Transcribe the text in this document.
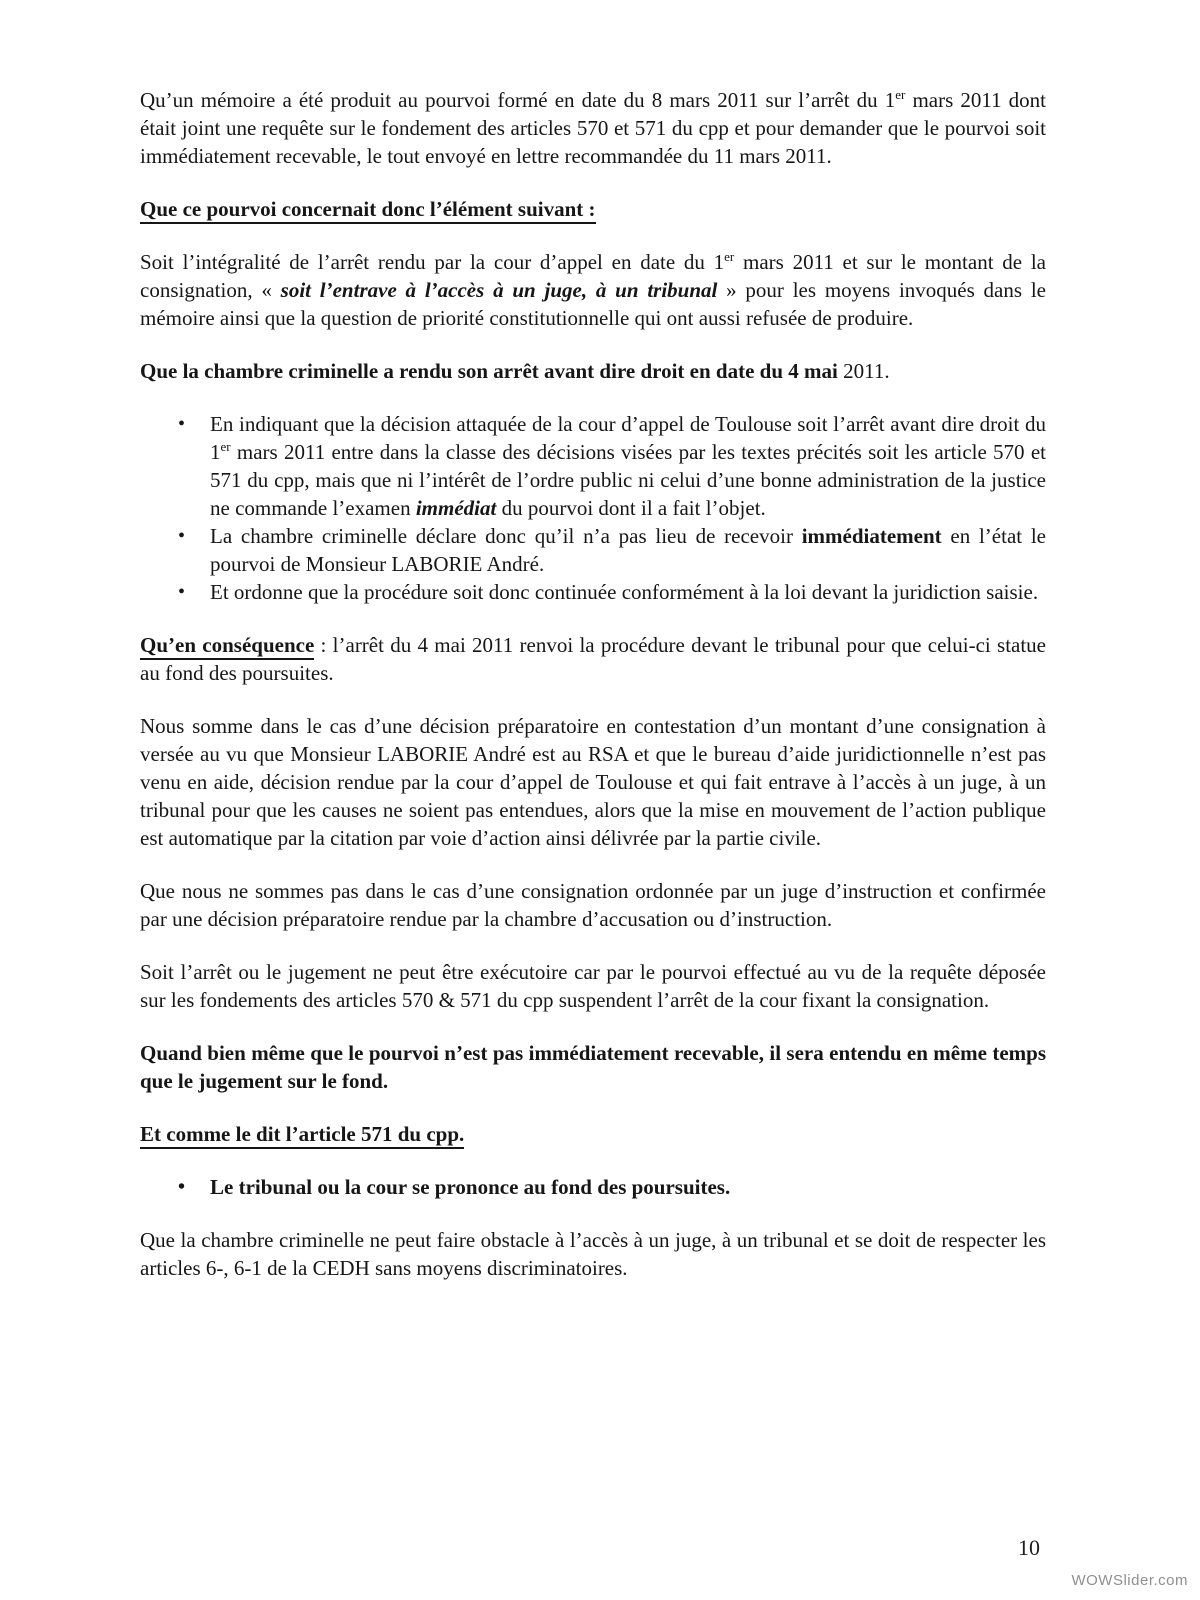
Qu’un mémoire a été produit au pourvoi formé en date du 8 mars 2011 sur l’arrêt du 1er mars 2011 dont était joint une requête sur le fondement des articles 570 et 571 du cpp et pour demander que le pourvoi soit immédiatement recevable, le tout envoyé en lettre recommandée du 11 mars 2011.

Que ce pourvoi concernait donc l’élément suivant :

Soit l’intégralité de l’arrêt rendu par la cour d’appel en date du 1er mars 2011 et sur le montant de la consignation, « soit l’entrave à l’accès à un juge, à un tribunal » pour les moyens invoqués dans le mémoire ainsi que la question de priorité constitutionnelle qui ont aussi refusée de produire.

Que la chambre criminelle a rendu son arrêt avant dire droit en date du 4 mai 2011.
• En indiquant que la décision attaquée de la cour d’appel de Toulouse soit l’arrêt avant dire droit du 1er mars 2011 entre dans la classe des décisions visées par les textes précités soit les article 570 et 571 du cpp, mais que ni l’intérêt de l’ordre public ni celui d’une bonne administration de la justice ne commande l’examen immédiat du pourvoi dont il a fait l’objet.
• La chambre criminelle déclare donc qu’il n’a pas lieu de recevoir immédiatement en l’état le pourvoi de Monsieur LABORIE André.
• Et ordonne que la procédure soit donc continuée conformément à la loi devant la juridiction saisie.

Qu’en conséquence : l’arrêt du 4 mai 2011 renvoi la procédure devant le tribunal pour que celui-ci statue au fond des poursuites.

Nous somme dans le cas d’une décision préparatoire en contestation d’un montant d’une consignation à versée au vu que Monsieur LABORIE André est au RSA et que le bureau d’aide juridictionnelle n’est pas venu en aide, décision rendue par la cour d’appel de Toulouse et qui fait entrave à l’accès à un juge, à un tribunal pour que les causes ne soient pas entendues, alors que la mise en mouvement de l’action publique est automatique par la citation par voie d’action ainsi délivrée par la partie civile.

Que nous ne sommes pas dans le cas d’une consignation ordonnée par un juge d’instruction et confirmée par une décision préparatoire rendue par la chambre d’accusation ou d’instruction.

Soit l’arrêt ou le jugement ne peut être exécutoire car par le pourvoi effectué au vu de la requête déposée sur les fondements des articles 570 & 571 du cpp suspendent l’arrêt de la cour fixant la consignation.

Quand bien même que le pourvoi n’est pas immédiatement recevable, il sera entendu en même temps que le jugement sur le fond.

Et comme le dit l’article 571 du cpp.
• Le tribunal ou la cour se prononce au fond des poursuites.

Que la chambre criminelle ne peut faire obstacle à l’accès à un juge, à un tribunal et se doit de respecter les articles 6-, 6-1 de la CEDH sans moyens discriminatoires.

10
WOWSlider.com
